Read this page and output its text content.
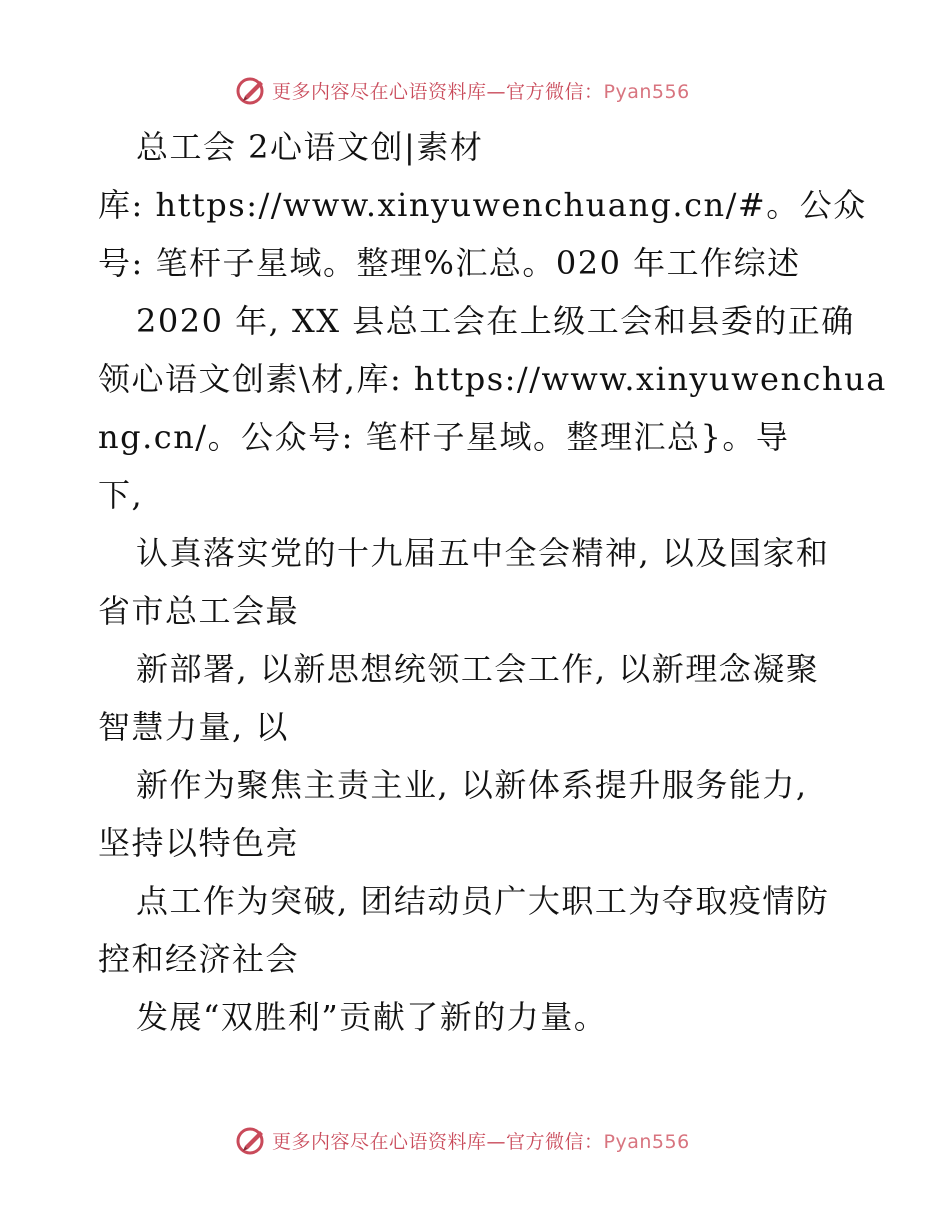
更多内容尽在心语资料库—官方微信：Pyan556

总工会 2心语文创|素材

库: https://www.xinyuwenchuang.cn/#。公众

号: 笔杆子星域。整理%汇总。020 年工作综述

2020 年, XX 县总工会在上级工会和县委的正确

领心语文创素\材,库: https://www.xinyuwenchua

ng.cn/。公众号: 笔杆子星域。整理汇总}。导

下,

认真落实党的十九届五中全会精神, 以及国家和

省市总工会最

新部署, 以新思想统领工会工作, 以新理念凝聚

智慧力量, 以

新作为聚焦主责主业, 以新体系提升服务能力,

坚持以特色亮

点工作为突破, 团结动员广大职工为夺取疫情防

控和经济社会

发展“双胜利”贡献了新的力量。

更多内容尽在心语资料库—官方微信：Pyan556
